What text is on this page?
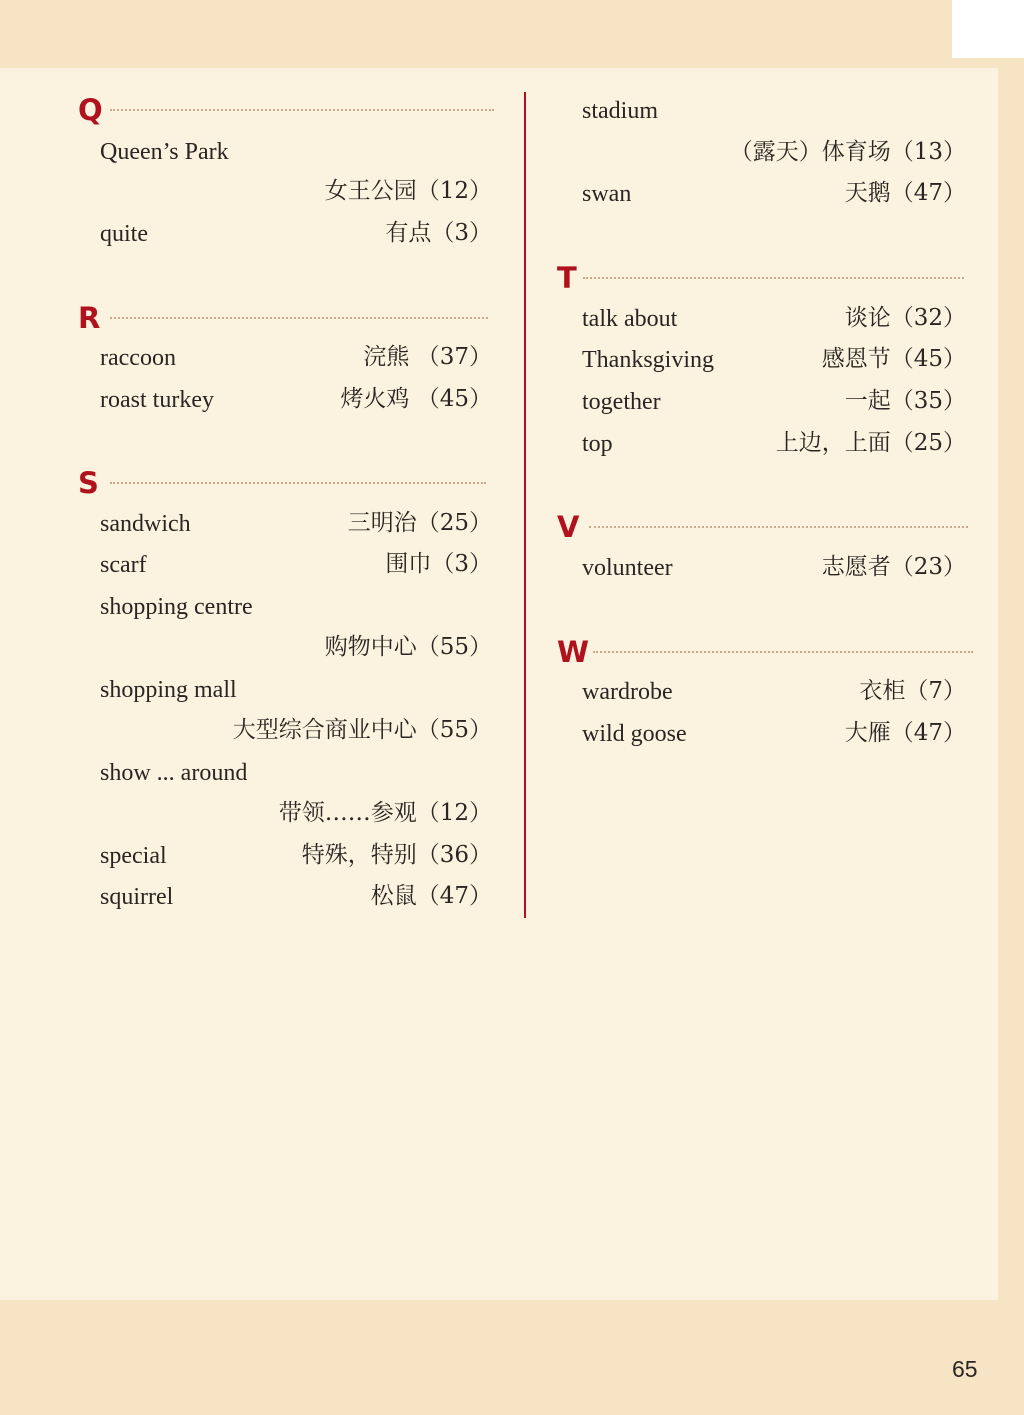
Q
Queen’s Park
女王公园（12）
quite	有点（3）
R
raccoon	浣熊 （37）
roast turkey	烤火鸡 （45）
S
sandwich	三明治（25）
scarf	围巾（3）
shopping centre
购物中心（55）
shopping mall
大型综合商业中心（55）
show ... around
带领……参观（12）
special	特殊，特别（36）
squirrel	松鼠（47）
stadium
（露天）体育场（13）
swan	天鹅（47）
T
talk about	谈论（32）
Thanksgiving	感恩节（45）
together	一起（35）
top	上边，上面（25）
V
volunteer	志愿者（23）
W
wardrobe	衣柜（7）
wild goose	大雁（47）
65
